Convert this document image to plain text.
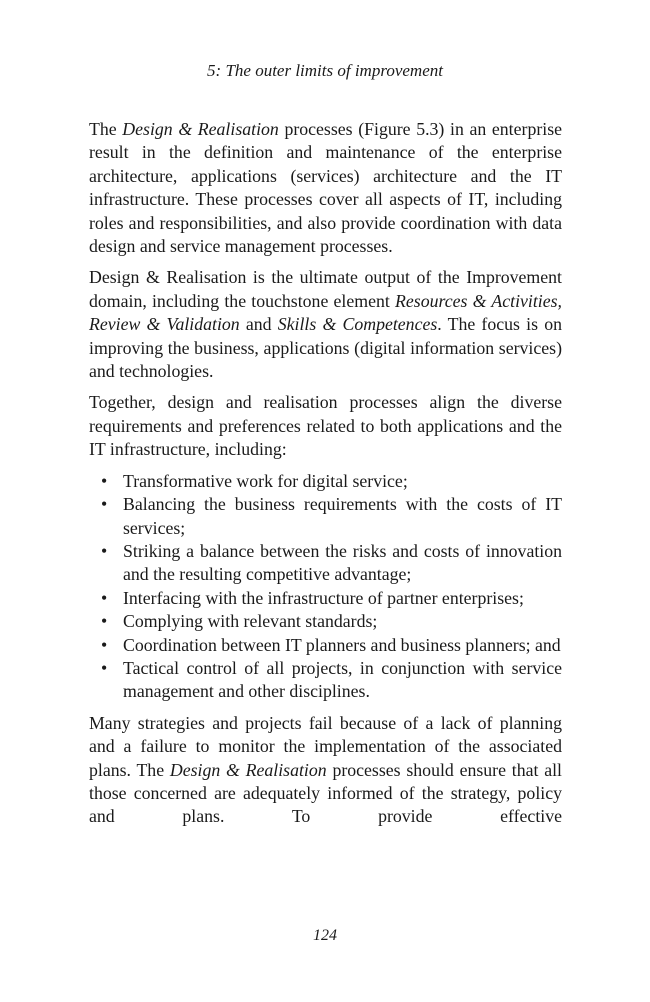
5: The outer limits of improvement

The Design & Realisation processes (Figure 5.3) in an enterprise result in the definition and maintenance of the enterprise architecture, applications (services) architecture and the IT infrastructure. These processes cover all aspects of IT, including roles and responsibilities, and also provide coordination with data design and service management processes.

Design & Realisation is the ultimate output of the Improvement domain, including the touchstone element Resources & Activities, Review & Validation and Skills & Competences. The focus is on improving the business, applications (digital information services) and technologies.

Together, design and realisation processes align the diverse requirements and preferences related to both applications and the IT infrastructure, including:

• Transformative work for digital service;
• Balancing the business requirements with the costs of IT services;
• Striking a balance between the risks and costs of innovation and the resulting competitive advantage;
• Interfacing with the infrastructure of partner enterprises;
• Complying with relevant standards;
• Coordination between IT planners and business planners; and
• Tactical control of all projects, in conjunction with service management and other disciplines.

Many strategies and projects fail because of a lack of planning and a failure to monitor the implementation of the associated plans. The Design & Realisation processes should ensure that all those concerned are adequately informed of the strategy, policy and plans. To provide effective

124
